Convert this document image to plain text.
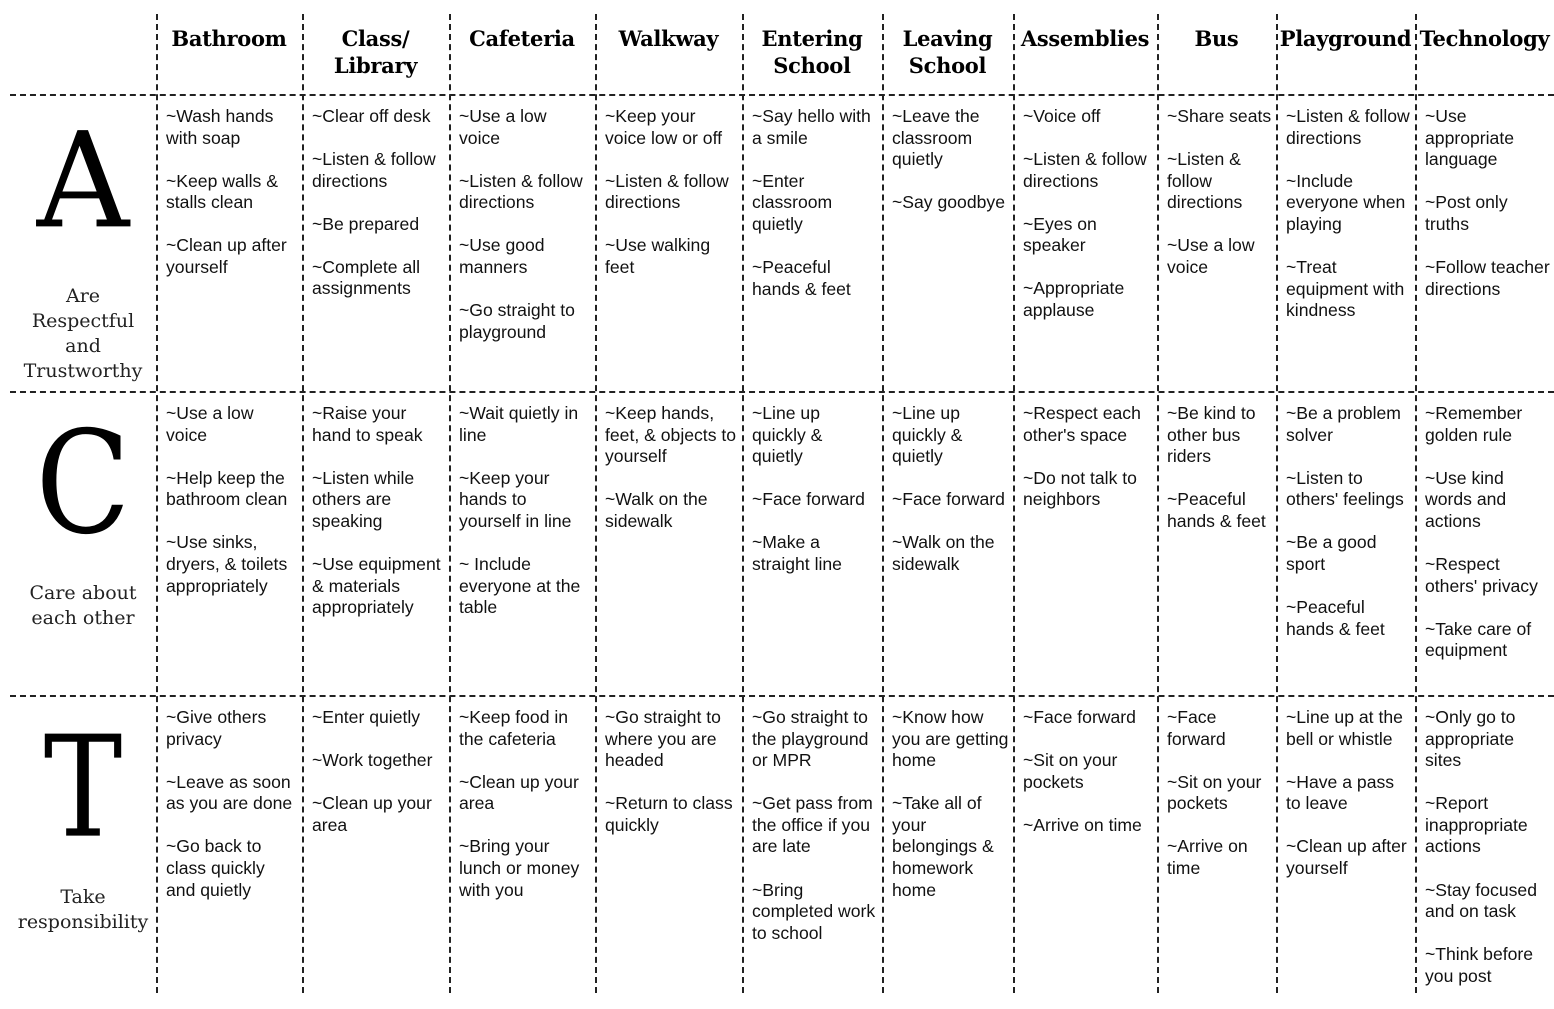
Bathroom	Class/
Library
Cafeteria Walkway Entering
School
Leaving
School
Assemblies Bus Playground Technology
A
Are
Respectful
and
Trustworthy

~Wash hands with soap

~Keep walls & stalls clean

~Clean up after yourself

~Clear off desk

~Listen & follow directions

~Be prepared

~Complete all assignments

~Use a low voice

~Listen & follow directions

~Use good manners

~Go straight to playground

~Keep your voice low or off

~Listen & follow directions

~Use walking feet

~Say hello with a smile

~Enter classroom quietly

~Peaceful hands & feet

~Leave the classroom quietly

~Say goodbye

~Voice off

~Listen & follow directions

~Eyes on speaker

~Appropriate applause

~Share seats

~Listen & follow directions

~Use a low voice

~Listen & follow directions

~Include everyone when playing

~Treat equipment with kindness

~Use appropriate language

~Post only truths

~Follow teacher directions

C
Care about
each other

~Use a low voice

~Help keep the bathroom clean

~Use sinks, dryers, & toilets appropriately

~Raise your hand to speak

~Listen while others are speaking

~Use equipment & materials appropriately

~Wait quietly in line

~Keep your hands to yourself in line

~ Include everyone at the table

~Keep hands, feet, & objects to yourself

~Walk on the sidewalk

~Line up quickly & quietly

~Face forward

~Make a straight line

~Line up quickly & quietly

~Face forward

~Walk on the sidewalk

~Respect each other's space

~Do not talk to neighbors

~Be kind to other bus riders

~Peaceful hands & feet

~Be a problem solver

~Listen to others' feelings

~Be a good sport

~Peaceful hands & feet

~Remember golden rule

~Use kind words and actions

~Respect others' privacy

~Take care of equipment

T
Take
responsibility

~Give others privacy

~Leave as soon as you are done

~Go back to class quickly and quietly

~Enter quietly

~Work together

~Clean up your area

~Keep food in the cafeteria

~Clean up your area

~Bring your lunch or money with you

~Go straight to where you are headed

~Return to class quickly

~Go straight to the playground or MPR

~Get pass from the office if you are late

~Bring completed work to school

~Know how you are getting home

~Take all of your belongings & homework home

~Face forward

~Sit on your pockets

~Arrive on time

~Face forward

~Sit on your pockets

~Arrive on time

~Line up at the bell or whistle

~Have a pass to leave

~Clean up after yourself

~Only go to appropriate sites

~Report inappropriate actions

~Stay focused and on task

~Think before you post
